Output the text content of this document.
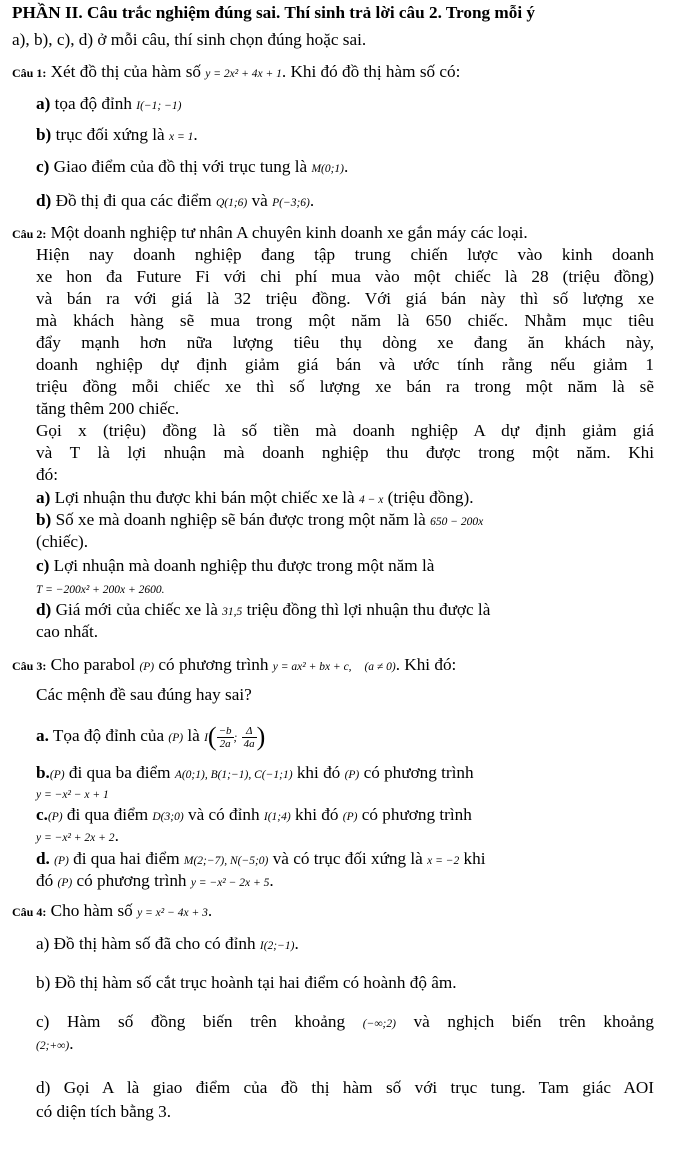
PHẦN II. Câu trắc nghiệm đúng sai. Thí sinh trả lời câu 2. Trong mỗi ý
a), b), c), d) ở mỗi câu, thí sinh chọn đúng hoặc sai.
Câu 1: Xét đồ thị của hàm số y = 2x² + 4x + 1. Khi đó đồ thị hàm số có:
a) tọa độ đỉnh I(−1; −1)
b) trục đối xứng là x = 1.
c) Giao điểm của đồ thị với trục tung là M(0;1).
d) Đồ thị đi qua các điểm Q(1;6) và P(−3;6).
Câu 2: Một doanh nghiệp tư nhân A chuyên kinh doanh xe gắn máy các loại.
Hiện nay doanh nghiệp đang tập trung chiến lược vào kinh doanh
xe hon đa Future Fi với chi phí mua vào một chiếc là 28 (triệu đồng)
và bán ra với giá là 32 triệu đồng. Với giá bán này thì số lượng xe
mà khách hàng sẽ mua trong một năm là 650 chiếc. Nhằm mục tiêu
đẩy mạnh hơn nữa lượng tiêu thụ dòng xe đang ăn khách này,
doanh nghiệp dự định giảm giá bán và ước tính rằng nếu giảm 1
triệu đồng mỗi chiếc xe thì số lượng xe bán ra trong một năm là sẽ
tăng thêm 200 chiếc.
Gọi x (triệu) đồng là số tiền mà doanh nghiệp A dự định giảm giá
và T là lợi nhuận mà doanh nghiệp thu được trong một năm. Khi
đó:
a) Lợi nhuận thu được khi bán một chiếc xe là 4 − x (triệu đồng).
b) Số xe mà doanh nghiệp sẽ bán được trong một năm là 650 − 200x
(chiếc).
c) Lợi nhuận mà doanh nghiệp thu được trong một năm là
T = −200x² + 200x + 2600.
d) Giá mới của chiếc xe là 31,5 triệu đồng thì lợi nhuận thu được là
cao nhất.
Câu 3: Cho parabol (P) có phương trình y = ax² + bx + c, (a ≠ 0). Khi đó:
Các mệnh đề sau đúng hay sai?
a. Tọa độ đỉnh của (P) là $I( \frac{-b}{2a}$ ; $\frac{\Delta}{4a}$ )
b.(P) đi qua ba điểm A(0;1), B(1;−1), C(−1;1) khi đó (P) có phương trình
y = −x² − x + 1
c.(P) đi qua điểm D(3;0) và có đỉnh I(1;4) khi đó (P) có phương trình
y = −x² + 2x + 2.
d. (P) đi qua hai điểm M(2;−7), N(−5;0) và có trục đối xứng là x = −2 khi
đó (P) có phương trình y = −x² − 2x + 5.
Câu 4: Cho hàm số y = x² − 4x + 3.
a) Đồ thị hàm số đã cho có đỉnh I(2;−1).
b) Đồ thị hàm số cắt trục hoành tại hai điểm có hoành độ âm.
c) Hàm số đồng biến trên khoảng (−∞;2) và nghịch biến trên khoảng
(2;+∞).
d) Gọi A là giao điểm của đồ thị hàm số với trục tung. Tam giác AOI
có diện tích bằng 3.
